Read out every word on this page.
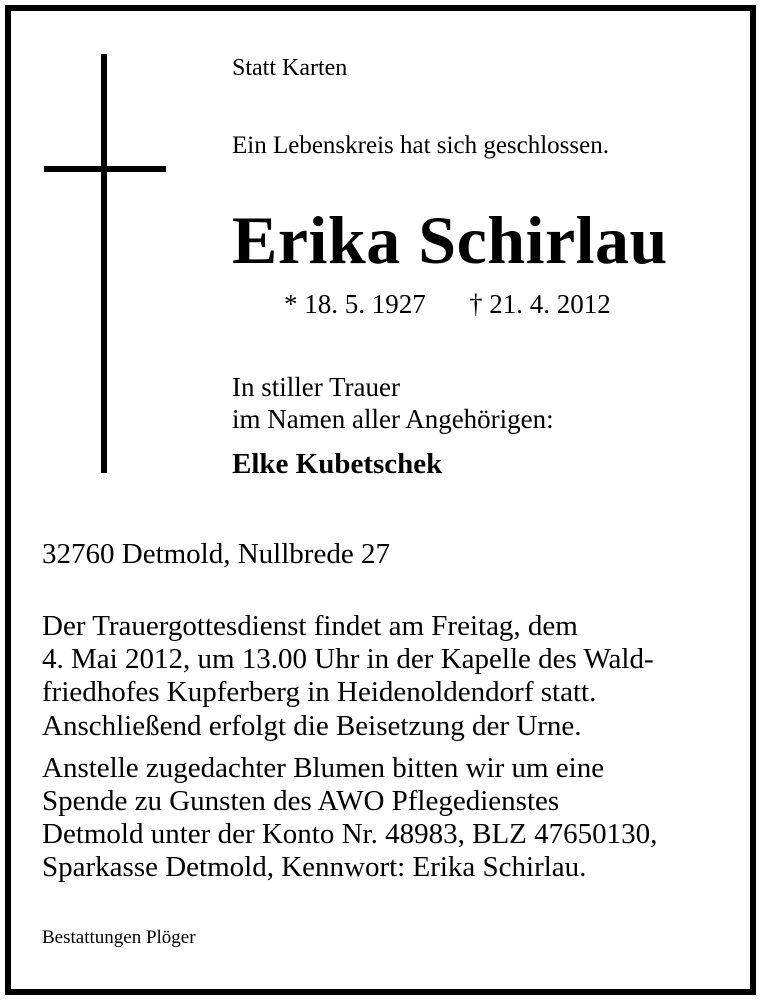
Statt Karten
Ein Lebenskreis hat sich geschlossen.
Erika Schirlau
* 18. 5. 1927 † 21. 4. 2012
In stiller Trauer
im Namen aller Angehörigen:
Elke Kubetschek
32760 Detmold, Nullbrede 27
Der Trauergottesdienst findet am Freitag, dem
4. Mai 2012, um 13.00 Uhr in der Kapelle des Wald-
friedhofes Kupferberg in Heidenoldendorf statt.
Anschließend erfolgt die Beisetzung der Urne.
Anstelle zugedachter Blumen bitten wir um eine
Spende zu Gunsten des AWO Pflegedienstes
Detmold unter der Konto Nr. 48983, BLZ 47650130,
Sparkasse Detmold, Kennwort: Erika Schirlau.
Bestattungen Plöger
